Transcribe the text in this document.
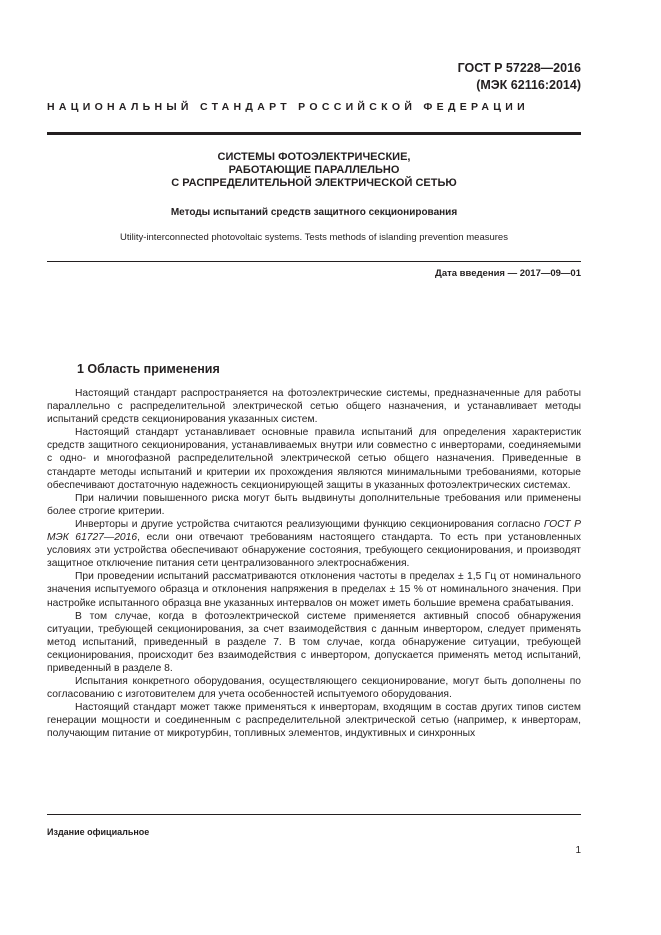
ГОСТ Р 57228—2016
(МЭК 62116:2014)
НАЦИОНАЛЬНЫЙ СТАНДАРТ РОССИЙСКОЙ ФЕДЕРАЦИИ
СИСТЕМЫ ФОТОЭЛЕКТРИЧЕСКИЕ,
РАБОТАЮЩИЕ ПАРАЛЛЕЛЬНО
С РАСПРЕДЕЛИТЕЛЬНОЙ ЭЛЕКТРИЧЕСКОЙ СЕТЬЮ
Методы испытаний средств защитного секционирования
Utility-interconnected photovoltaic systems. Tests methods of islanding prevention measures
Дата введения — 2017—09—01
1 Область применения

Настоящий стандарт распространяется на фотоэлектрические системы, предназначенные для работы параллельно с распределительной электрической сетью общего назначения, и устанавливает методы испытаний средств секционирования указанных систем.

Настоящий стандарт устанавливает основные правила испытаний для определения характеристик средств защитного секционирования, устанавливаемых внутри или совместно с инверторами, соединяемыми с одно- и многофазной распределительной электрической сетью общего назначения. Приведенные в стандарте методы испытаний и критерии их прохождения являются минимальными требованиями, которые обеспечивают достаточную надежность секционирующей защиты в указанных фотоэлектрических системах.

При наличии повышенного риска могут быть выдвинуты дополнительные требования или применены более строгие критерии.

Инверторы и другие устройства считаются реализующими функцию секционирования согласно ГОСТ Р МЭК 61727—2016, если они отвечают требованиям настоящего стандарта. То есть при установленных условиях эти устройства обеспечивают обнаружение состояния, требующего секционирования, и производят защитное отключение питания сети централизованного электроснабжения.

При проведении испытаний рассматриваются отклонения частоты в пределах ± 1,5 Гц от номинального значения испытуемого образца и отклонения напряжения в пределах ± 15 % от номинального значения. При настройке испытанного образца вне указанных интервалов он может иметь большие времена срабатывания.

В том случае, когда в фотоэлектрической системе применяется активный способ обнаружения ситуации, требующей секционирования, за счет взаимодействия с данным инвертором, следует применять метод испытаний, приведенный в разделе 7. В том случае, когда обнаружение ситуации, требующей секционирования, происходит без взаимодействия с инвертором, допускается применять метод испытаний, приведенный в разделе 8.

Испытания конкретного оборудования, осуществляющего секционирование, могут быть дополнены по согласованию с изготовителем для учета особенностей испытуемого оборудования.

Настоящий стандарт может также применяться к инверторам, входящим в состав других типов систем генерации мощности и соединенным с распределительной электрической сетью (например, к инверторам, получающим питание от микротурбин, топливных элементов, индуктивных и синхронных

Издание официальное
1
